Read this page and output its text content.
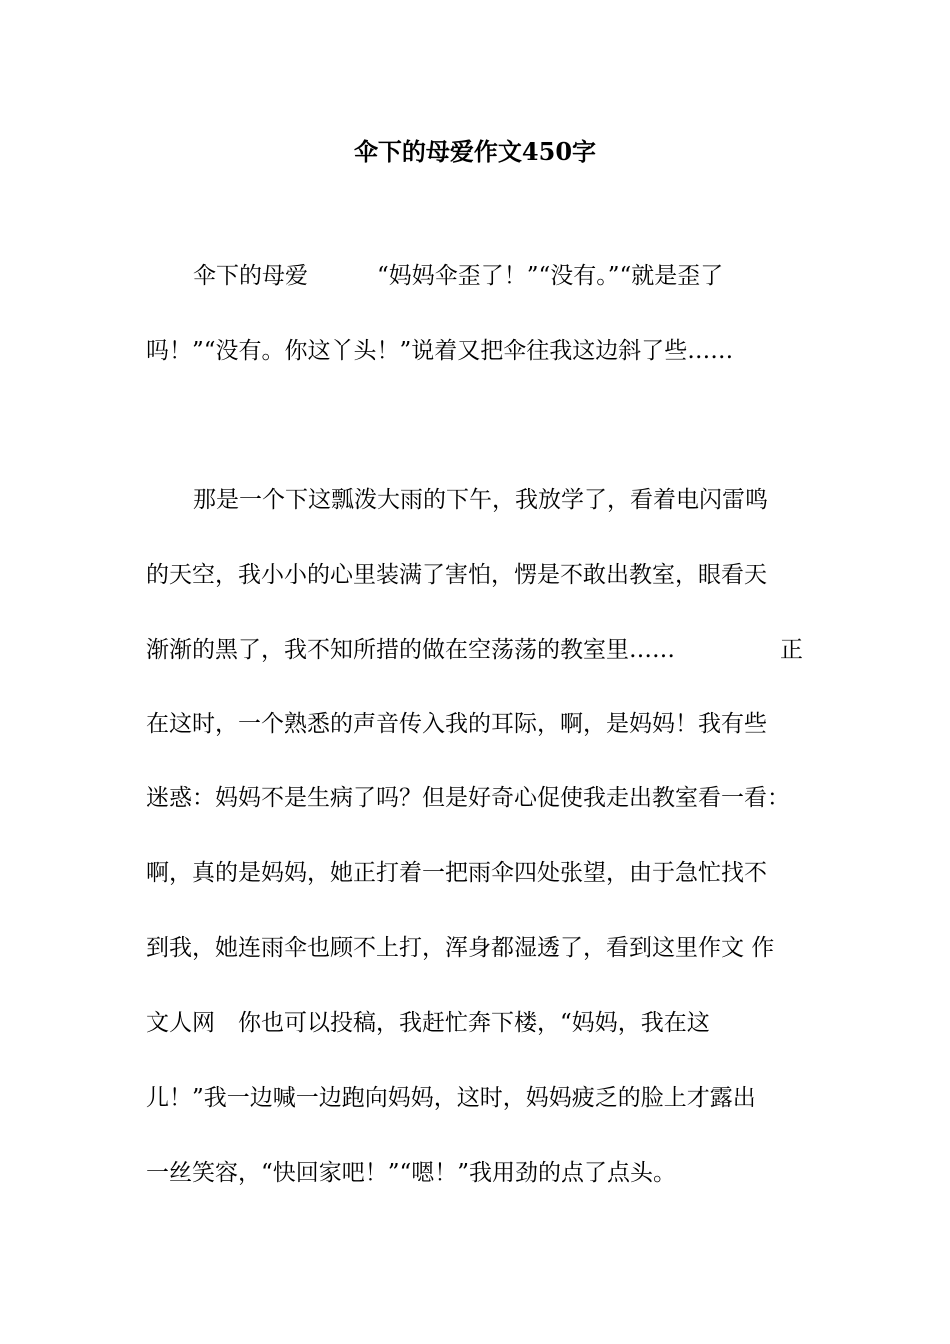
伞下的母爱作文450字
伞下的母爱　　　“妈妈伞歪了！”“没有。”“就是歪了
吗！”“没有。你这丫头！”说着又把伞往我这边斜了些……
那是一个下这瓢泼大雨的下午，我放学了，看着电闪雷鸣
的天空，我小小的心里装满了害怕，愣是不敢出教室，眼看天
渐渐的黑了，我不知所措的做在空荡荡的教室里……	正
在这时，一个熟悉的声音传入我的耳际，啊，是妈妈！我有些
迷惑：妈妈不是生病了吗？但是好奇心促使我走出教室看一看：
啊，真的是妈妈，她正打着一把雨伞四处张望，由于急忙找不
到我，她连雨伞也顾不上打，浑身都湿透了，看到这里作文 作
文人网　你也可以投稿，我赶忙奔下楼，“妈妈，我在这
儿！”我一边喊一边跑向妈妈，这时，妈妈疲乏的脸上才露出
一丝笑容，“快回家吧！”“嗯！”我用劲的点了点头。
